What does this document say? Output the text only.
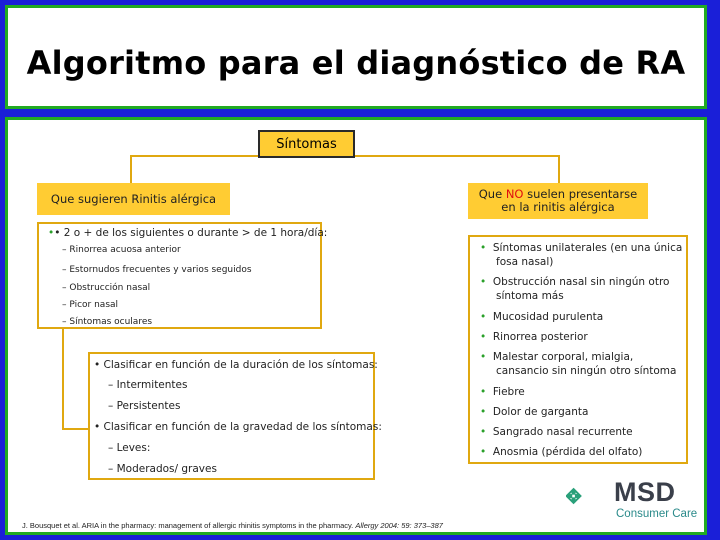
Algoritmo para el diagnóstico de RA
Síntomas
Que sugieren Rinitis alérgica	Que NO suelen presentarse
en la rinitis alérgica
•• 2 o + de los siguientes o durante > de 1 hora/día:
– Rinorrea acuosa anterior
– Estornudos frecuentes y varios seguidos
– Obstrucción nasal
– Picor nasal
– Síntomas oculares
• Clasificar en función de la duración de los síntomas:
– Intermitentes
– Persistentes
• Clasificar en función de la gravedad de los síntomas:
– Leves:
– Moderados/ graves
• Síntomas unilaterales (en una única
fosa nasal)
• Obstrucción nasal sin ningún otro
síntoma más
• Mucosidad purulenta
• Rinorrea posterior
• Malestar corporal, mialgia,
cansancio sin ningún otro síntoma
• Fiebre
• Dolor de garganta
• Sangrado nasal recurrente
• Anosmia (pérdida del olfato)
J. Bousquet et al. ARIA in the pharmacy: management of allergic rhinitis symptoms in the pharmacy. Allergy 2004: 59: 373–387
MSD
Consumer Care
